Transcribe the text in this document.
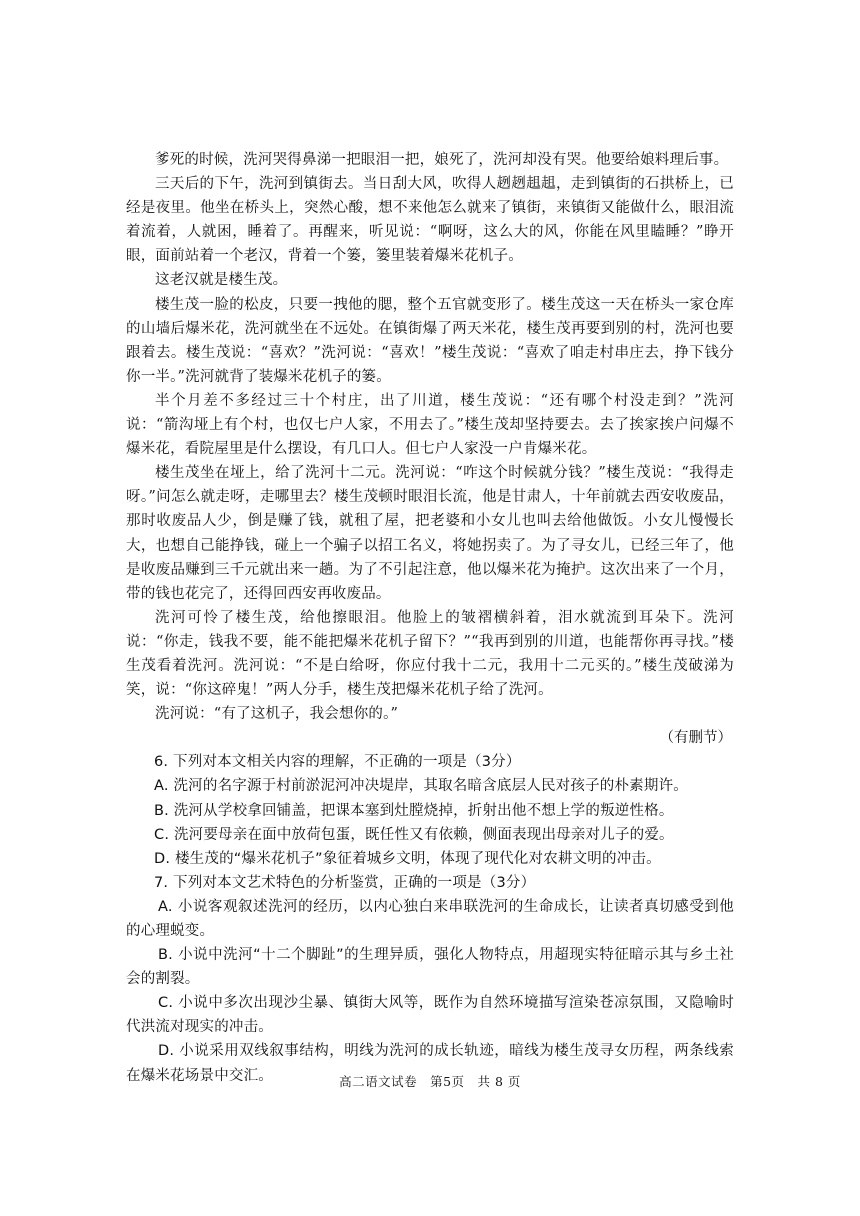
爹死的时候，洗河哭得鼻涕一把眼泪一把，娘死了，洗河却没有哭。他要给娘料理后事。

三天后的下午，洗河到镇街去。当日刮大风，吹得人趔趔趄趄，走到镇街的石拱桥上，已经是夜里。他坐在桥头上，突然心酸，想不来他怎么就来了镇街，来镇街又能做什么，眼泪流着流着，人就困，睡着了。再醒来，听见说：“啊呀，这么大的风，你能在风里瞌睡？”睁开眼，面前站着一个老汉，背着一个篓，篓里装着爆米花机子。

这老汉就是楼生茂。

楼生茂一脸的松皮，只要一拽他的腮，整个五官就变形了。楼生茂这一天在桥头一家仓库的山墙后爆米花，洗河就坐在不远处。在镇街爆了两天米花，楼生茂再要到别的村，洗河也要跟着去。楼生茂说：“喜欢？”洗河说：“喜欢！”楼生茂说：“喜欢了咱走村串庄去，挣下钱分你一半。”洗河就背了装爆米花机子的篓。

半个月差不多经过三十个村庄，出了川道，楼生茂说：“还有哪个村没走到？”洗河说：“箭沟垭上有个村，也仅七户人家，不用去了。”楼生茂却坚持要去。去了挨家挨户问爆不爆米花，看院屋里是什么摆设，有几口人。但七户人家没一户肯爆米花。

楼生茂坐在垭上，给了洗河十二元。洗河说：“咋这个时候就分钱？”楼生茂说：“我得走呀。”问怎么就走呀，走哪里去？楼生茂顿时眼泪长流，他是甘肃人，十年前就去西安收废品，那时收废品人少，倒是赚了钱，就租了屋，把老婆和小女儿也叫去给他做饭。小女儿慢慢长大，也想自己能挣钱，碰上一个骗子以招工名义，将她拐卖了。为了寻女儿，已经三年了，他是收废品赚到三千元就出来一趟。为了不引起注意，他以爆米花为掩护。这次出来了一个月，带的钱也花完了，还得回西安再收废品。

洗河可怜了楼生茂，给他擦眼泪。他脸上的皱褶横斜着，泪水就流到耳朵下。洗河说：“你走，钱我不要，能不能把爆米花机子留下？”“我再到别的川道，也能帮你再寻找。”楼生茂看着洗河。洗河说：“不是白给呀，你应付我十二元，我用十二元买的。”楼生茂破涕为笑，说：“你这碎鬼！”两人分手，楼生茂把爆米花机子给了洗河。

洗河说：“有了这机子，我会想你的。”

（有删节）

6. 下列对本文相关内容的理解，不正确的一项是（3分）

A. 洗河的名字源于村前淤泥河冲决堤岸，其取名暗含底层人民对孩子的朴素期许。

B. 洗河从学校拿回铺盖，把课本塞到灶膛烧掉，折射出他不想上学的叛逆性格。

C. 洗河要母亲在面中放荷包蛋，既任性又有依赖，侧面表现出母亲对儿子的爱。

D. 楼生茂的“爆米花机子”象征着城乡文明，体现了现代化对农耕文明的冲击。

7. 下列对本文艺术特色的分析鉴赏，正确的一项是（3分）

A. 小说客观叙述洗河的经历，以内心独白来串联洗河的生命成长，让读者真切感受到他的心理蜕变。

B. 小说中洗河“十二个脚趾”的生理异质，强化人物特点，用超现实特征暗示其与乡土社会的割裂。

C. 小说中多次出现沙尘暴、镇街大风等，既作为自然环境描写渲染苍凉氛围，又隐喻时代洪流对现实的冲击。

D. 小说采用双线叙事结构，明线为洗河的成长轨迹，暗线为楼生茂寻女历程，两条线索在爆米花场景中交汇。	高二语文试卷　第5页　共 8 页
